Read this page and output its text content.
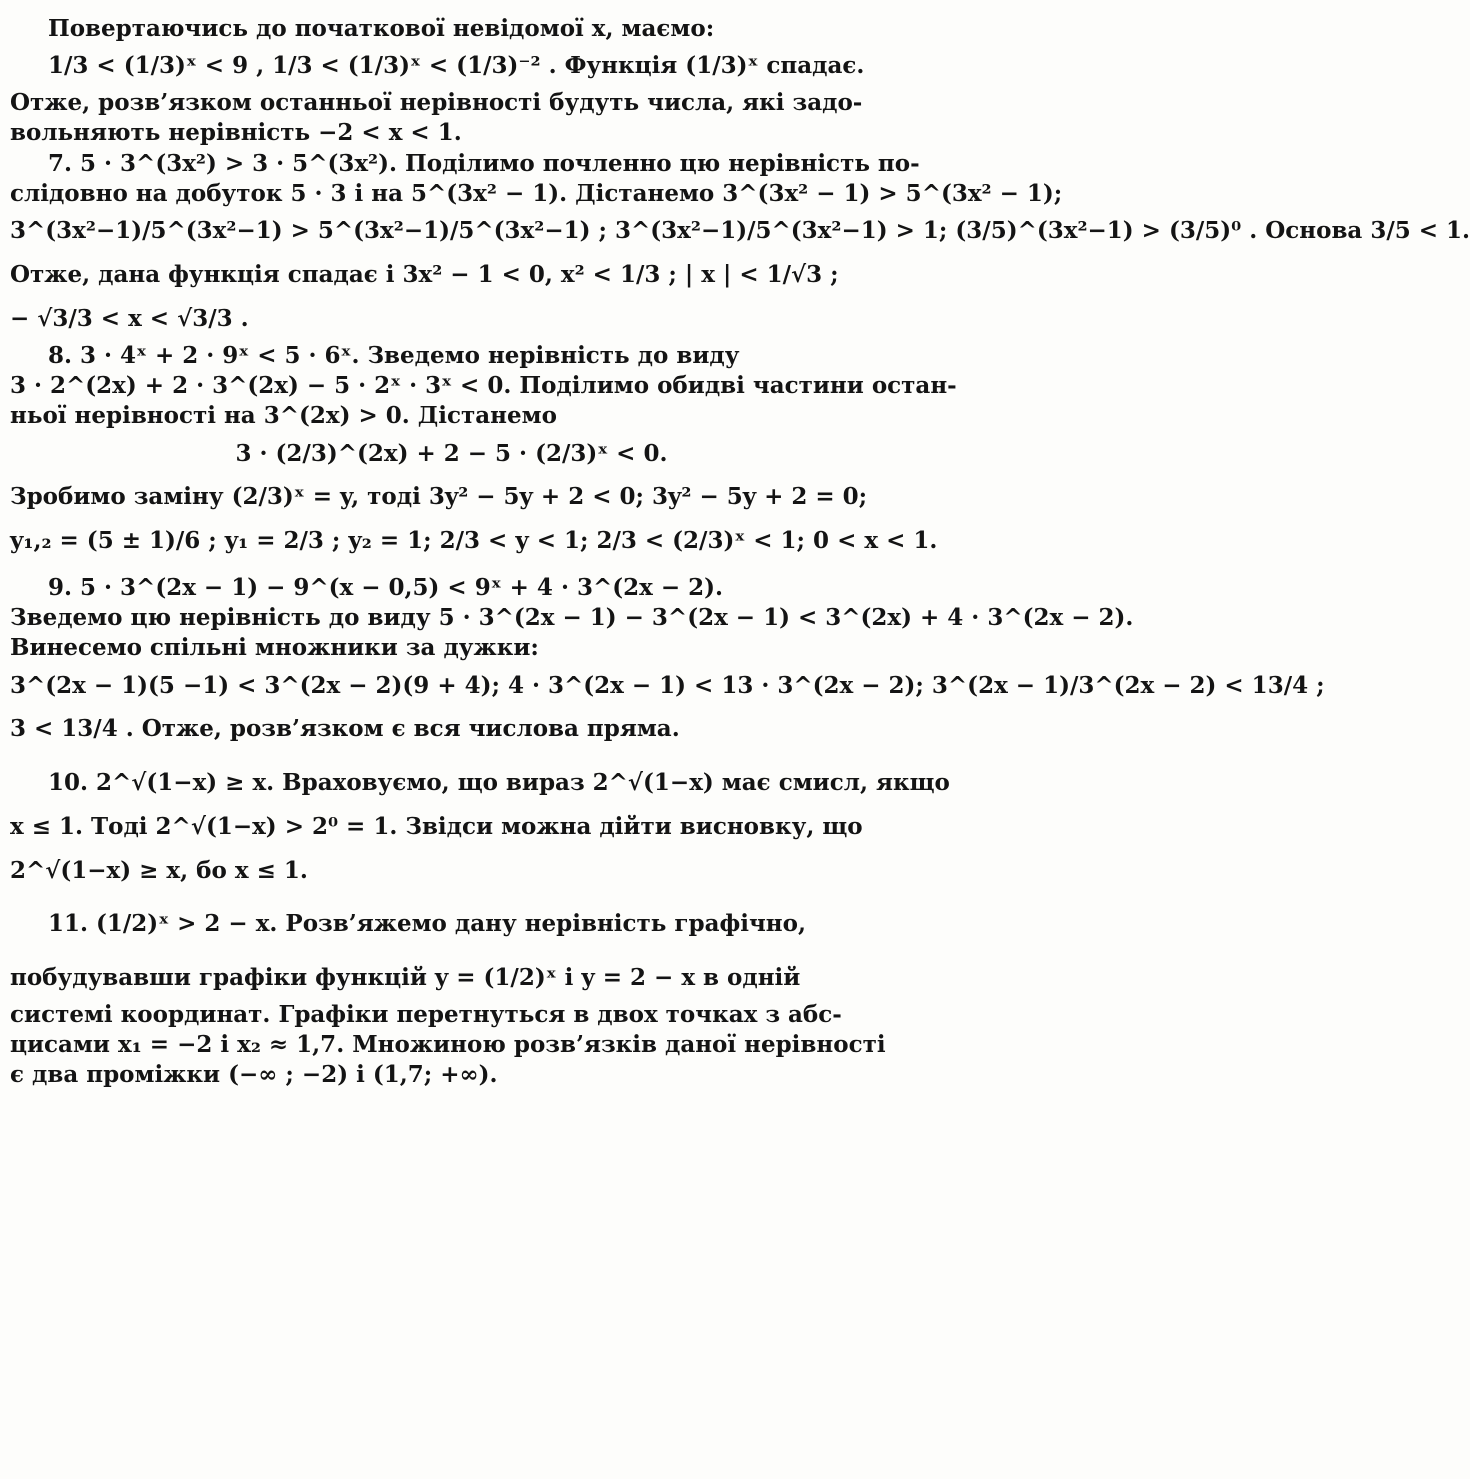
Повертаючись до початкової невідомої x, маємо:
1/3 < (1/3)ˣ < 9 , 1/3 < (1/3)ˣ < (1/3)⁻² . Функція (1/3)ˣ спадає.
Отже, розв’язком останньої нерівності будуть числа, які задо-
вольняють нерівність −2 < x < 1.
7. 5 · 3^(3x²) > 3 · 5^(3x²). Поділимо почленно цю нерівність по-
слідовно на добуток 5 · 3 і на 5^(3x² − 1). Дістанемо 3^(3x² − 1) > 5^(3x² − 1);
3^(3x²−1)/5^(3x²−1) > 5^(3x²−1)/5^(3x²−1) ; 3^(3x²−1)/5^(3x²−1) > 1; (3/5)^(3x²−1) > (3/5)⁰ . Основа 3/5 < 1.
Отже, дана функція спадає і 3x² − 1 < 0, x² < 1/3 ; | x | < 1/√3 ;
− √3/3 < x < √3/3 .
8. 3 · 4ˣ + 2 · 9ˣ < 5 · 6ˣ. Зведемо нерівність до виду
3 · 2^(2x) + 2 · 3^(2x) − 5 · 2ˣ · 3ˣ < 0. Поділимо обидві частини остан-
ньої нерівності на 3^(2x) > 0. Дістанемо
3 · (2/3)^(2x) + 2 − 5 · (2/3)ˣ < 0.
Зробимо заміну (2/3)ˣ = y, тоді 3y² − 5y + 2 < 0; 3y² − 5y + 2 = 0;
y₁,₂ = (5 ± 1)/6 ; y₁ = 2/3 ; y₂ = 1; 2/3 < y < 1; 2/3 < (2/3)ˣ < 1; 0 < x < 1.
9. 5 · 3^(2x − 1) − 9^(x − 0,5) < 9ˣ + 4 · 3^(2x − 2).
Зведемо цю нерівність до виду 5 · 3^(2x − 1) − 3^(2x − 1) < 3^(2x) + 4 · 3^(2x − 2).
Винесемо спільні множники за дужки:
3^(2x − 1)(5 −1) < 3^(2x − 2)(9 + 4); 4 · 3^(2x − 1) < 13 · 3^(2x − 2); 3^(2x − 1)/3^(2x − 2) < 13/4 ;
3 < 13/4 . Отже, розв’язком є вся числова пряма.
10. 2^√(1−x) ≥ x. Враховуємо, що вираз 2^√(1−x) має смисл, якщо
x ≤ 1. Тоді 2^√(1−x) > 2⁰ = 1. Звідси можна дійти висновку, що
2^√(1−x) ≥ x, бо x ≤ 1.
11. (1/2)ˣ > 2 − x. Розв’яжемо дану нерівність графічно,
побудувавши графіки функцій y = (1/2)ˣ і y = 2 − x в одній
системі координат. Графіки перетнуться в двох точках з абс-
цисами x₁ = −2 і x₂ ≈ 1,7. Множиною розв’язків даної нерівності
є два проміжки (−∞ ; −2) і (1,7; +∞).
